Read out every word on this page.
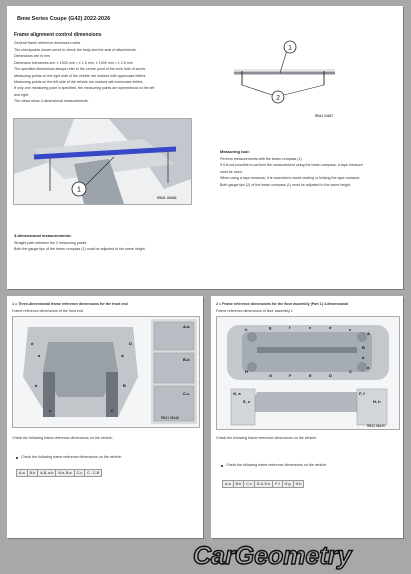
Bmw Series Coupe (G42) 2022-2026

Frame alignment control dimensions

General frame reference dimension notes

The checkpoints shown serve to check the body and the seat of attachments.

Dimensions are in mm.

Dimension tolerances are: ± 1000 mm = ± 1.5 mm, ± 1000 mm = ± 2.5 mm

The specified dimensions always refer to the centre point of the bore hole of screw.

Measuring points on the right side of the vehicle are marked with uppercase letters.

Measuring points on the left side of the vehicle are marked with lowercase letters.

If only one measuring point is specified, the measuring points are symmetrical on the left

and right.

The views show 3-dimensional measurements.

1
RB41 04646

3-dimensional measurements:

Straight path between the 2 measuring points

Both the gauge tips of the beam compass (1) must be adjusted to the same height.

1
2
RB41 04647

Measuring tool:

Perform measurements with the beam compass (1).

If it is not possible to perform the measurement using the beam compass, a tape measure

must be used.

When using a tape measure, it is essential to avoid rotating or kinking the tape measure.

Both gauge tips (2) of the beam compass (1) must be adjusted to the same height.

1 = Three-dimensional frame reference dimensions for the front end

Frame reference dimensions of the front end

RB41 04648
A-a
B-b
C-c
A
B
C
D
a
b
c
d

Check the following frame reference dimensions on the vehicle:

Check the following frame reference dimensions on the vehicle:

A-a	B-b	A-B, a-b	A-b, B-a	C-c	C - C-B

2 = Frame reference dimensions for the floor assembly (Part 1) 3-dimensional

Frame reference dimensions of floor assembly 1

RB41 04649
A
B
C
D
E
F
G
H
a
b
c
d
e
f
g
h
G, a
E, e
F, f
H, h

Check the following frame reference dimensions on the vehicle:

Check the following frame reference dimensions on the vehicle:

A-a	B-b	C-c	D-d, E-e	F-f	G-g	H-h
CarGeometry
